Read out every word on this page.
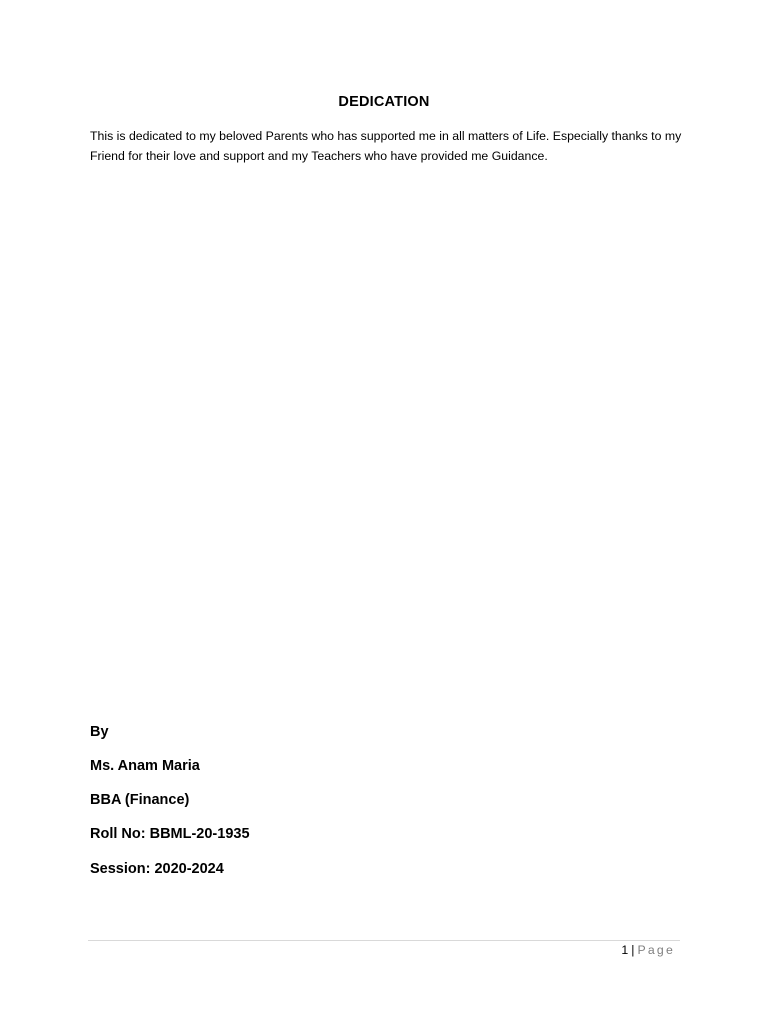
DEDICATION

This is dedicated to my beloved Parents who has supported me in all matters of Life. Especially thanks to my Friend for their love and support and my Teachers who have provided me Guidance.

By
Ms. Anam Maria
BBA (Finance)
Roll No: BBML-20-1935
Session: 2020-2024
1 | Page
